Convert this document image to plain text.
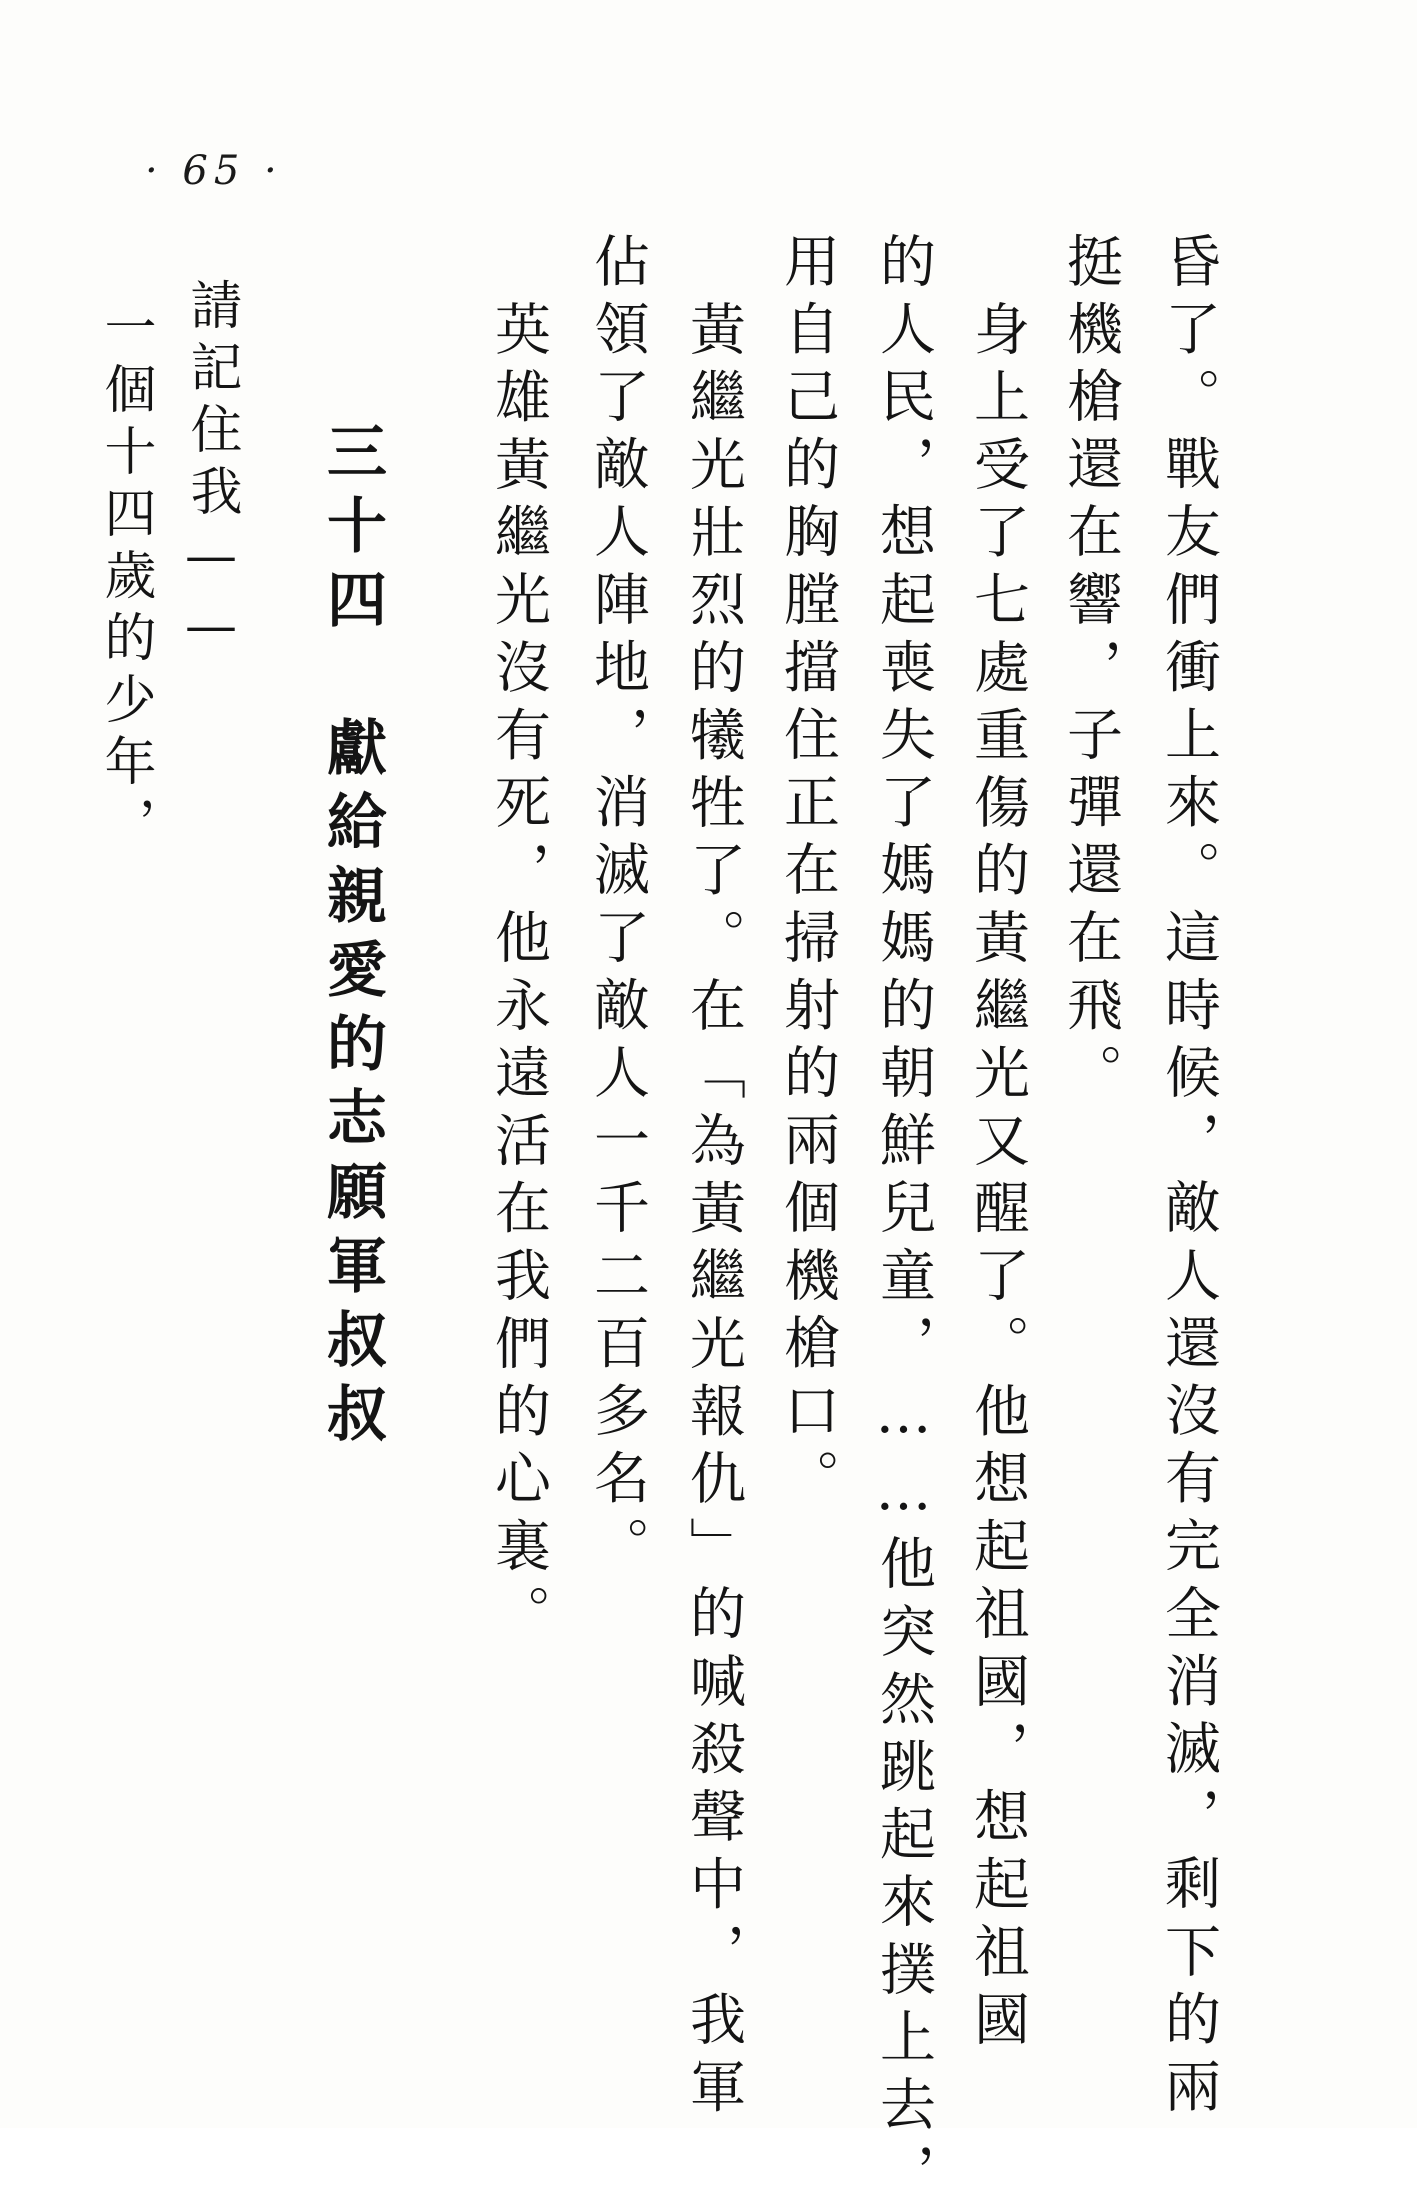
· 65 ·
昏了。戰友們衝上來。這時候，敵人還沒有完全消滅，剩下的兩
挺機槍還在響，子彈還在飛。
身上受了七處重傷的黃繼光又醒了。他想起祖國，想起祖國
的人民，想起喪失了媽媽的朝鮮兒童，……他突然跳起來撲上去，
用自己的胸膛擋住正在掃射的兩個機槍口。
黃繼光壯烈的犧牲了。在「為黃繼光報仇」的喊殺聲中，我軍
佔領了敵人陣地，消滅了敵人一千二百多名。
英雄黃繼光沒有死，他永遠活在我們的心裏。
三十四　獻給親愛的志願軍叔叔
請記住我——
一個十四歲的少年，
